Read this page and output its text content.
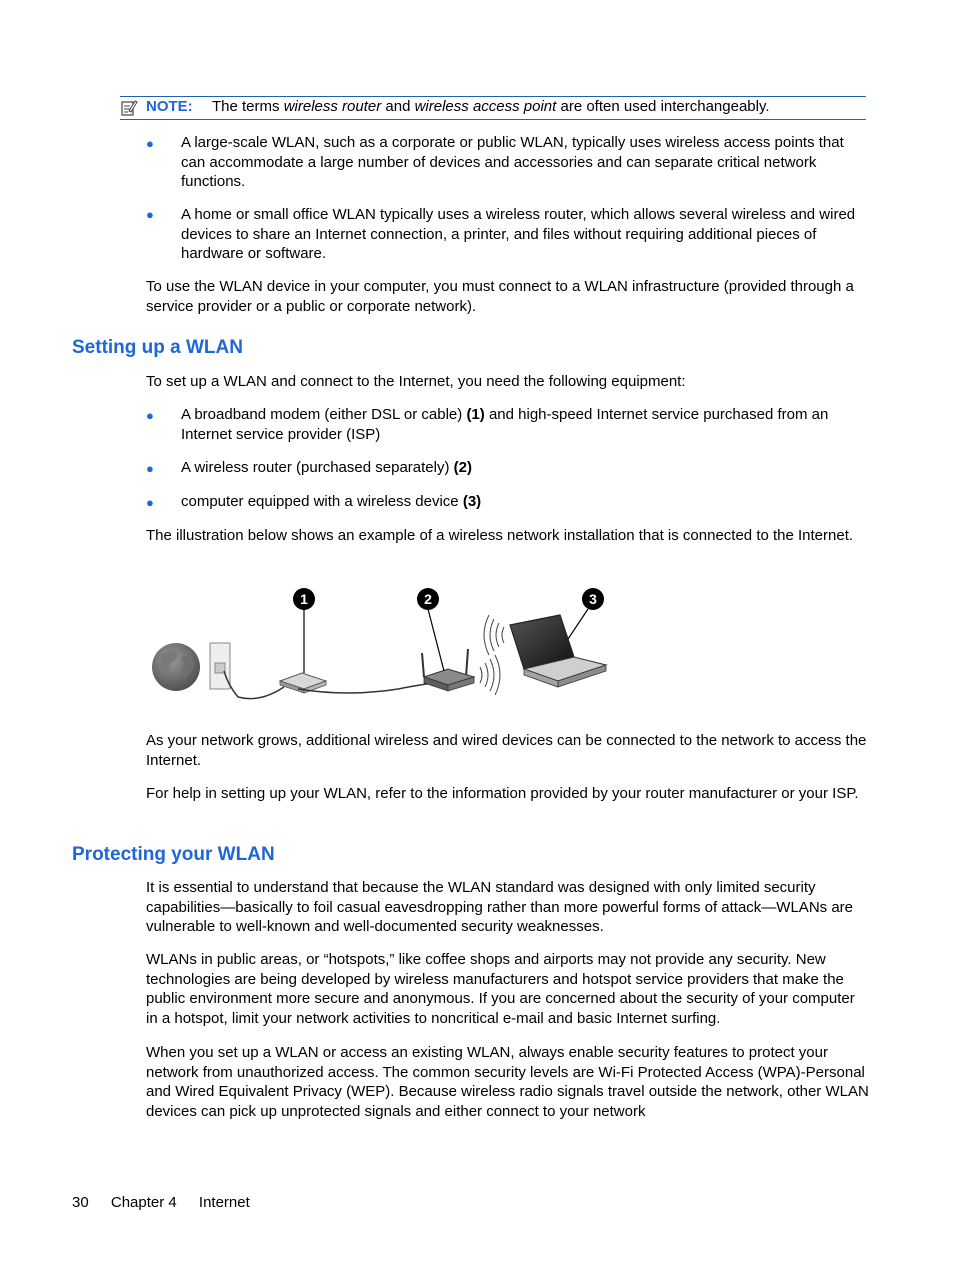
NOTE: The terms wireless router and wireless access point are often used interchangeably.
● A large-scale WLAN, such as a corporate or public WLAN, typically uses wireless access points that can accommodate a large number of devices and accessories and can separate critical network functions.
● A home or small office WLAN typically uses a wireless router, which allows several wireless and wired devices to share an Internet connection, a printer, and files without requiring additional pieces of hardware or software.
To use the WLAN device in your computer, you must connect to a WLAN infrastructure (provided through a service provider or a public or corporate network).
Setting up a WLAN
To set up a WLAN and connect to the Internet, you need the following equipment:
● A broadband modem (either DSL or cable) (1) and high-speed Internet service purchased from an Internet service provider (ISP)
● A wireless router (purchased separately) (2)
● computer equipped with a wireless device (3)
The illustration below shows an example of a wireless network installation that is connected to the Internet.
1	2	3
As your network grows, additional wireless and wired devices can be connected to the network to access the Internet.
For help in setting up your WLAN, refer to the information provided by your router manufacturer or your ISP.
Protecting your WLAN
It is essential to understand that because the WLAN standard was designed with only limited security capabilities—basically to foil casual eavesdropping rather than more powerful forms of attack—WLANs are vulnerable to well-known and well-documented security weaknesses.
WLANs in public areas, or “hotspots,” like coffee shops and airports may not provide any security. New technologies are being developed by wireless manufacturers and hotspot service providers that make the public environment more secure and anonymous. If you are concerned about the security of your computer in a hotspot, limit your network activities to noncritical e-mail and basic Internet surfing.
When you set up a WLAN or access an existing WLAN, always enable security features to protect your network from unauthorized access. The common security levels are Wi-Fi Protected Access (WPA)-Personal and Wired Equivalent Privacy (WEP). Because wireless radio signals travel outside the network, other WLAN devices can pick up unprotected signals and either connect to your network
30 Chapter 4 Internet
